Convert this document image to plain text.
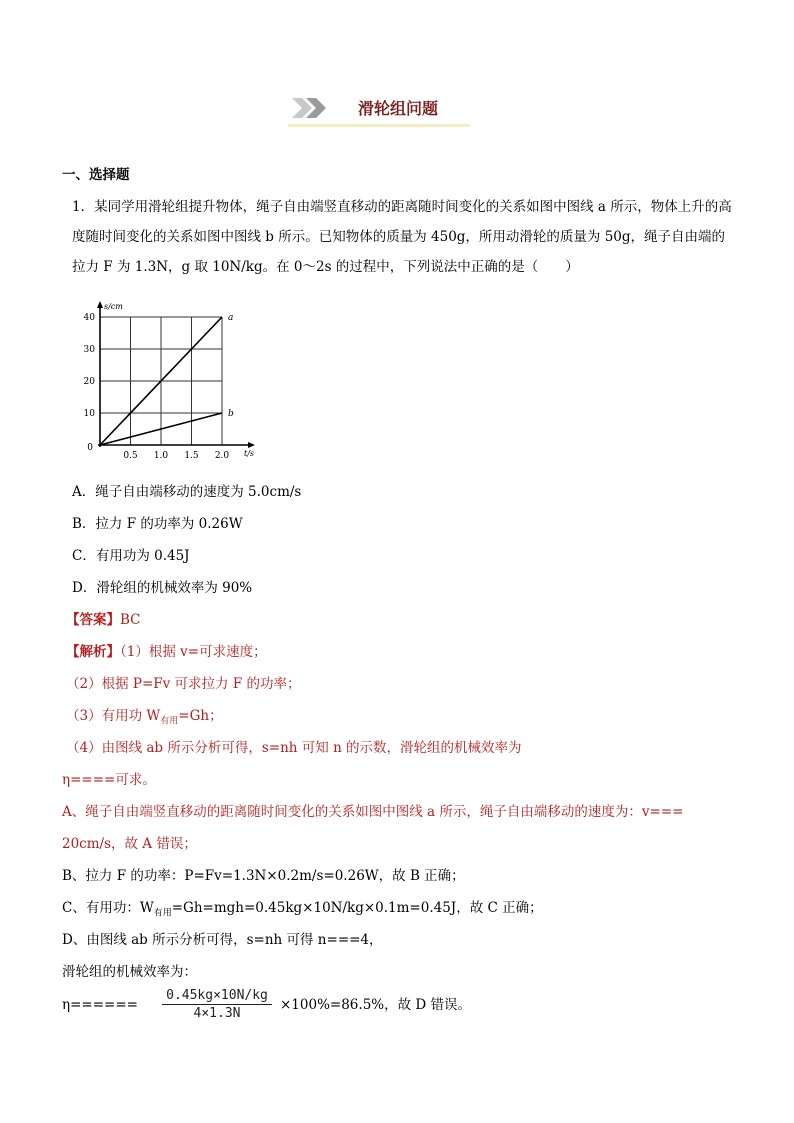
滑轮组问题
一、选择题
1．某同学用滑轮组提升物体，绳子自由端竖直移动的距离随时间变化的关系如图中图线 a 所示，物体上升的高度随时间变化的关系如图中图线 b 所示。已知物体的质量为 450g，所用动滑轮的质量为 50g，绳子自由端的拉力 F 为 1.3N，g 取 10N/kg。在 0～2s 的过程中，下列说法中正确的是（　　）
s/cm
t/s
40
30
20
10
0
0.5 1.0 1.5 2.0
a
b
A．绳子自由端移动的速度为 5.0cm/s
B．拉力 F 的功率为 0.26W
C．有用功为 0.45J
D．滑轮组的机械效率为 90%
【答案】BC
【解析】（1）根据 v=可求速度；
（2）根据 P=Fv 可求拉力 F 的功率；
（3）有用功 $W_{有用}=Gh$；
（4）由图线 ab 所示分析可得，s=nh 可知 n 的示数，滑轮组的机械效率为
η====可求。
A、绳子自由端竖直移动的距离随时间变化的关系如图中图线 a 所示，绳子自由端移动的速度为：v===
20cm/s，故 A 错误；
B、拉力 F 的功率：P=Fv=1.3N×0.2m/s=0.26W，故 B 正确；
C、有用功：$W_{有用}=Gh=mgh=0.45kg\times 10N/kg\times 0.1m=0.45J$，故 C 正确；
D、由图线 ab 所示分析可得，s=nh 可得 n===4，
滑轮组的机械效率为：
η======
0.45kg×10N/kg
4×1.3N
×100%=86.5%，故 D 错误。
